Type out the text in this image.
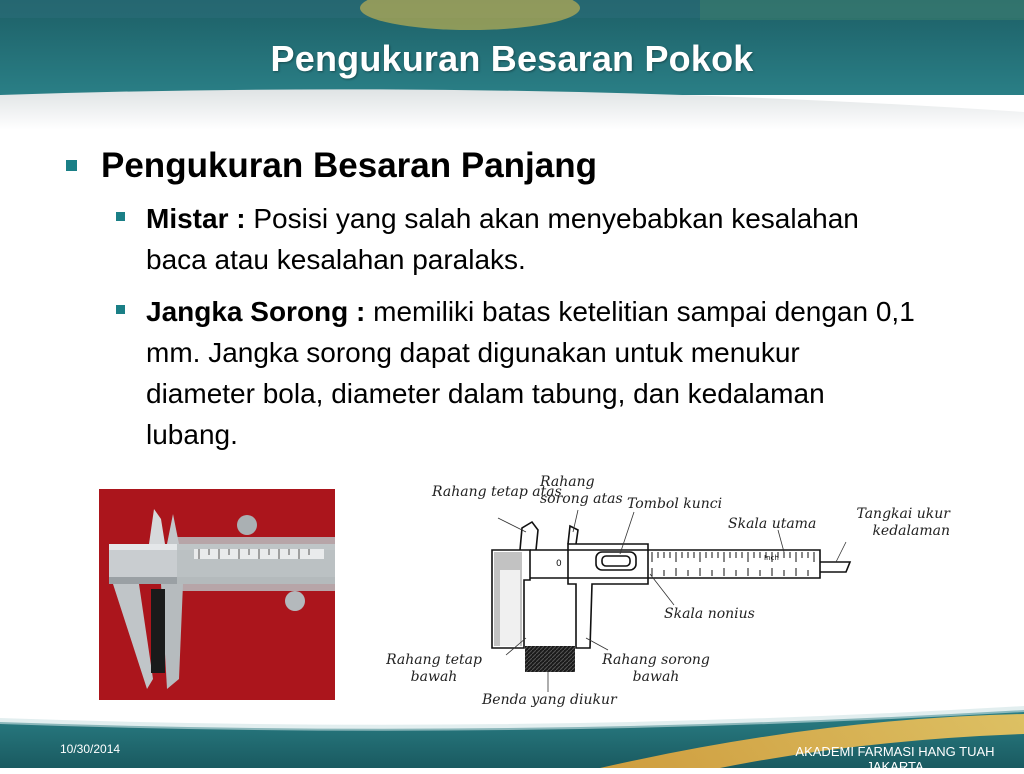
Pengukuran Besaran Pokok
Pengukuran Besaran Panjang
Mistar : Posisi yang salah akan menyebabkan kesalahan baca atau kesalahan paralaks.
Jangka Sorong : memiliki batas ketelitian sampai dengan 0,1 mm. Jangka sorong dapat digunakan untuk menukur diameter bola, diameter dalam tabung, dan kedalaman lubang.
Inch
0
Rahang tetap atas
Rahang sorong atas Tombol kunci
Skala utama
Tangkai ukur kedalaman
Skala nonius
Rahang tetap bawah
Rahang sorong bawah
Benda yang diukur
10/30/2014	AKADEMI FARMASI HANG TUAH JAKARTA
